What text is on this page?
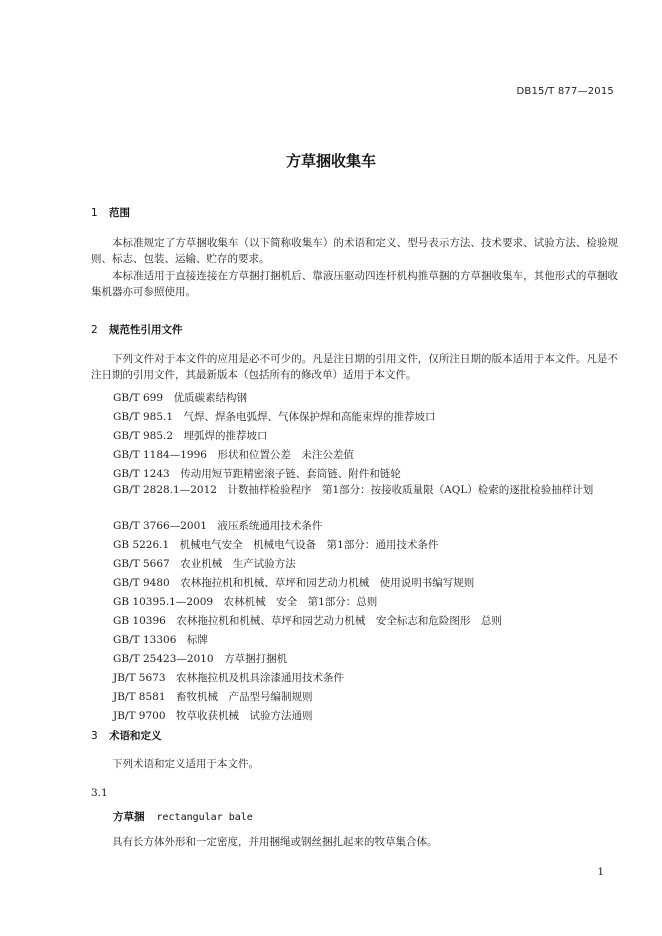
DB15/T 877—2015
方草捆收集车
1 范围
本标准规定了方草捆收集车（以下简称收集车）的术语和定义、型号表示方法、技术要求、试验方法、检验规则、标志、包装、运输、贮存的要求。
本标准适用于直接连接在方草捆打捆机后、靠液压驱动四连杆机构推草捆的方草捆收集车，其他形式的草捆收集机器亦可参照使用。
2 规范性引用文件
下列文件对于本文件的应用是必不可少的。凡是注日期的引用文件，仅所注日期的版本适用于本文件。凡是不注日期的引用文件，其最新版本（包括所有的修改单）适用于本文件。
GB/T 699　优质碳素结构钢
GB/T 985.1　气焊、焊条电弧焊、气体保护焊和高能束焊的推荐坡口
GB/T 985.2　埋弧焊的推荐坡口
GB/T 1184—1996　形状和位置公差　未注公差值
GB/T 1243　传动用短节距精密滚子链、套筒链、附件和链轮
GB/T 2828.1—2012　计数抽样检验程序　第1部分：按接收质量限（AQL）检索的逐批检验抽样计划
GB/T 3766—2001　液压系统通用技术条件
GB 5226.1　机械电气安全　机械电气设备　第1部分：通用技术条件
GB/T 5667　农业机械　生产试验方法
GB/T 9480　农林拖拉机和机械、草坪和园艺动力机械　使用说明书编写规则
GB 10395.1—2009　农林机械　安全　第1部分：总则
GB 10396　农林拖拉机和机械、草坪和园艺动力机械　安全标志和危险图形　总则
GB/T 13306　标牌
GB/T 25423—2010　方草捆打捆机
JB/T 5673　农林拖拉机及机具涂漆通用技术条件
JB/T 8581　畜牧机械　产品型号编制规则
JB/T 9700　牧草收获机械　试验方法通则
3 术语和定义
下列术语和定义适用于本文件。
3.1
方草捆 rectangular bale
具有长方体外形和一定密度，并用捆绳或钢丝捆扎起来的牧草集合体。
1
